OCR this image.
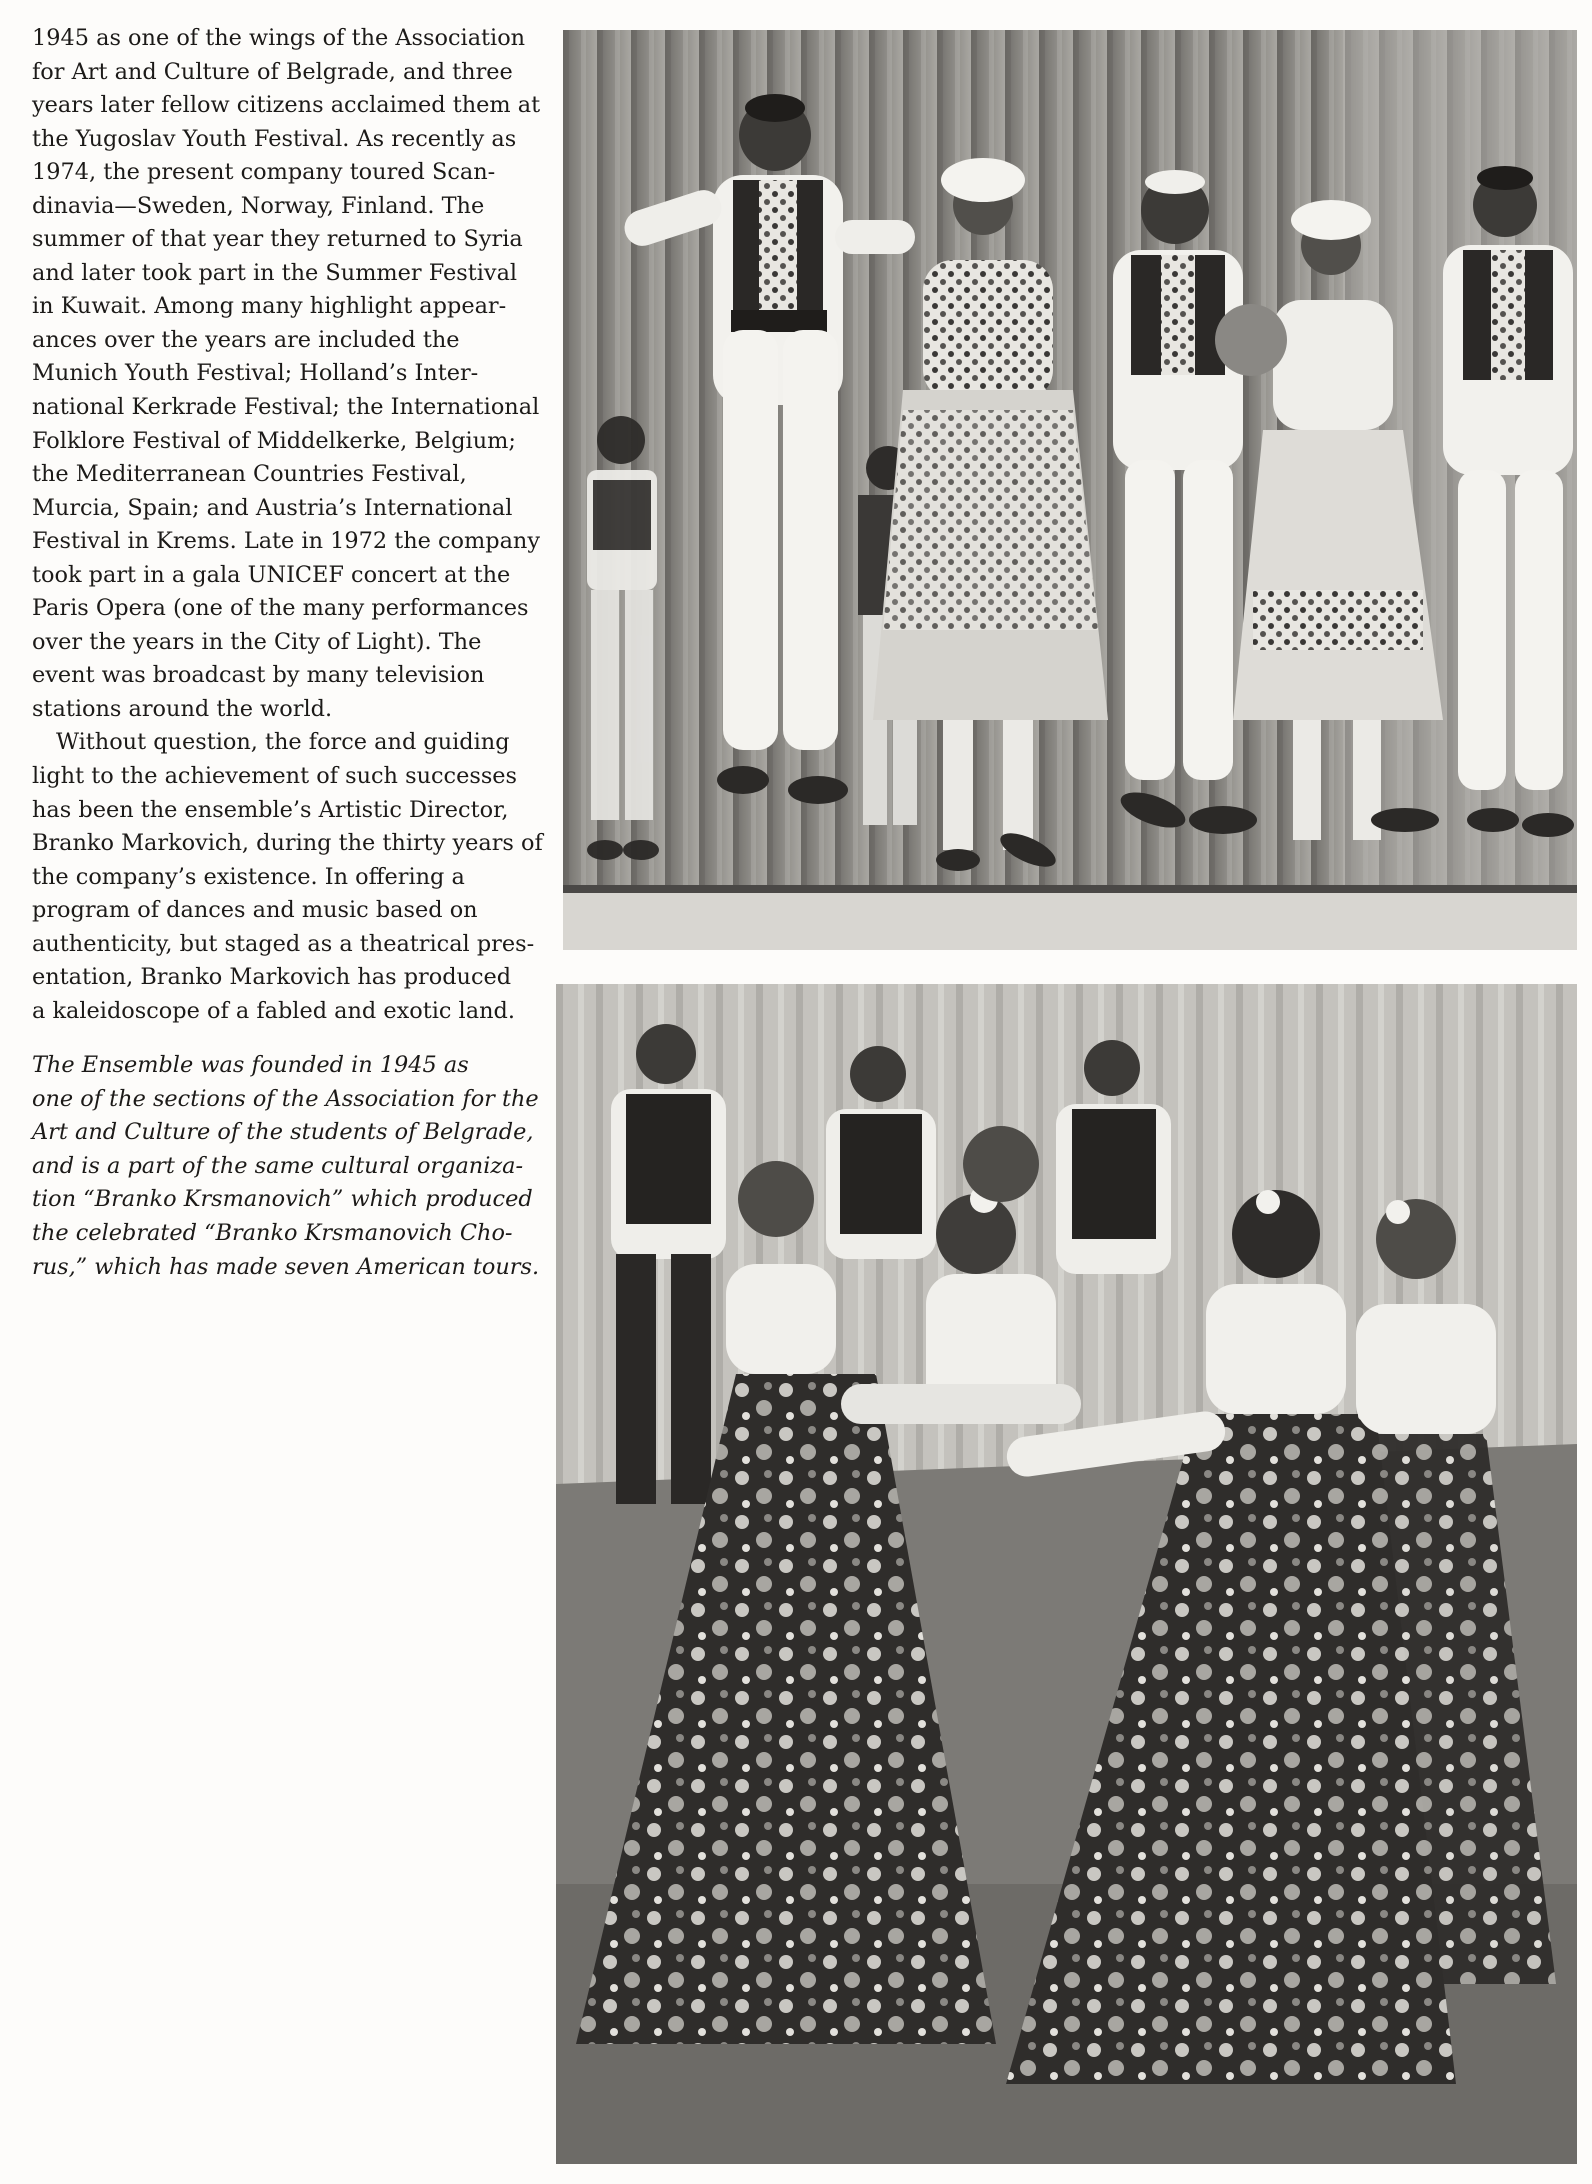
1945 as one of the wings of the Association
for Art and Culture of Belgrade, and three
years later fellow citizens acclaimed them at
the Yugoslav Youth Festival. As recently as
1974, the present company toured Scan-
dinavia—Sweden, Norway, Finland. The
summer of that year they returned to Syria
and later took part in the Summer Festival
in Kuwait. Among many highlight appear-
ances over the years are included the
Munich Youth Festival; Holland’s Inter-
national Kerkrade Festival; the International
Folklore Festival of Middelkerke, Belgium;
the Mediterranean Countries Festival,
Murcia, Spain; and Austria’s International
Festival in Krems. Late in 1972 the company
took part in a gala UNICEF concert at the
Paris Opera (one of the many performances
over the years in the City of Light). The
event was broadcast by many television
stations around the world.
Without question, the force and guiding
light to the achievement of such successes
has been the ensemble’s Artistic Director,
Branko Markovich, during the thirty years of
the company’s existence. In offering a
program of dances and music based on
authenticity, but staged as a theatrical pres-
entation, Branko Markovich has produced
a kaleidoscope of a fabled and exotic land.
The Ensemble was founded in 1945 as
one of the sections of the Association for the
Art and Culture of the students of Belgrade,
and is a part of the same cultural organiza-
tion “Branko Krsmanovich” which produced
the celebrated “Branko Krsmanovich Cho-
rus,” which has made seven American tours.
